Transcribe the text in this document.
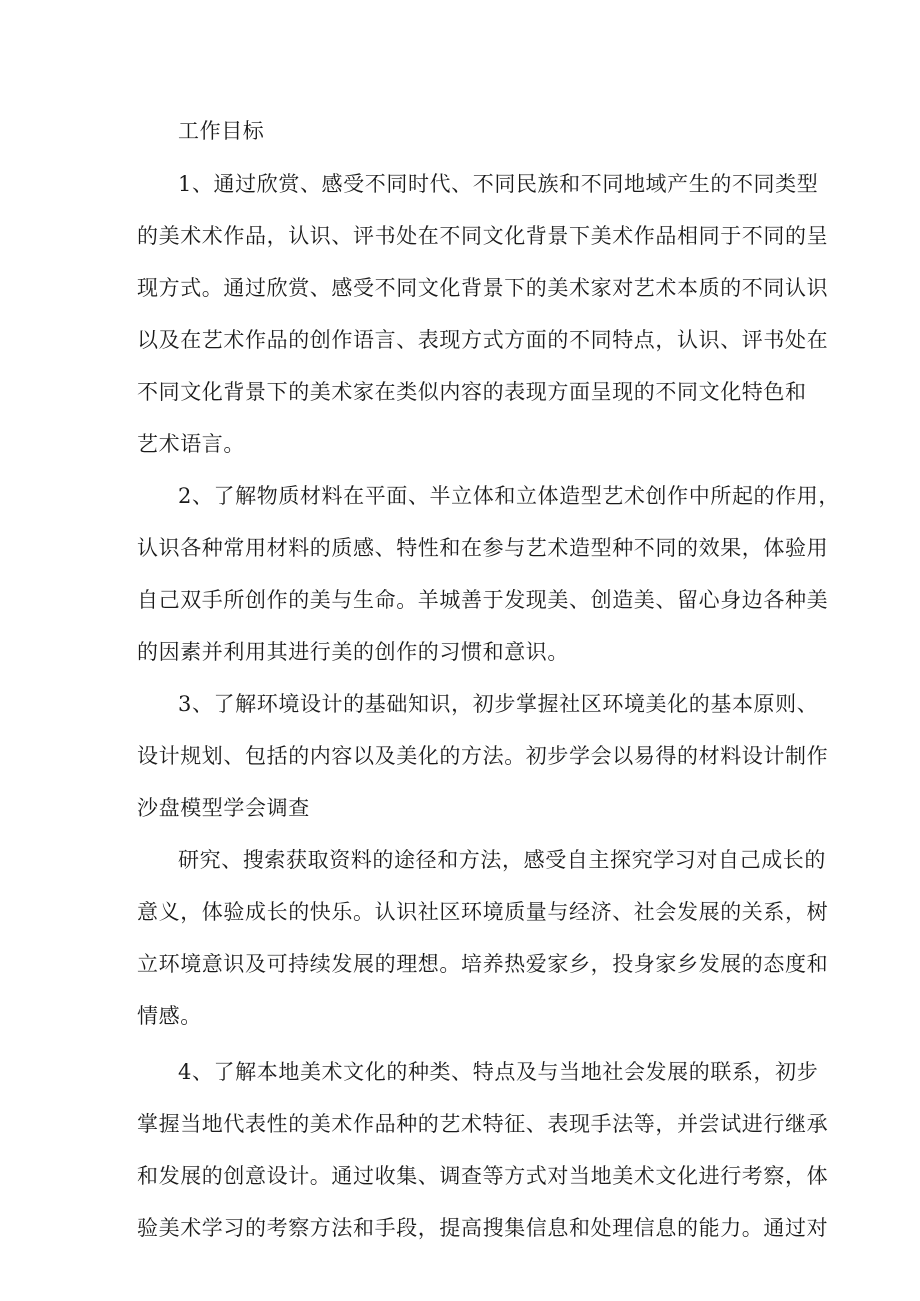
工作目标
1、通过欣赏、感受不同时代、不同民族和不同地域产生的不同类型
的美术术作品，认识、评书处在不同文化背景下美术作品相同于不同的呈
现方式。通过欣赏、感受不同文化背景下的美术家对艺术本质的不同认识
以及在艺术作品的创作语言、表现方式方面的不同特点，认识、评书处在
不同文化背景下的美术家在类似内容的表现方面呈现的不同文化特色和
艺术语言。
2、了解物质材料在平面、半立体和立体造型艺术创作中所起的作用，
认识各种常用材料的质感、特性和在参与艺术造型种不同的效果，体验用
自己双手所创作的美与生命。羊城善于发现美、创造美、留心身边各种美
的因素并利用其进行美的创作的习惯和意识。
3、了解环境设计的基础知识，初步掌握社区环境美化的基本原则、
设计规划、包括的内容以及美化的方法。初步学会以易得的材料设计制作
沙盘模型学会调查
研究、搜索获取资料的途径和方法，感受自主探究学习对自己成长的
意义，体验成长的快乐。认识社区环境质量与经济、社会发展的关系，树
立环境意识及可持续发展的理想。培养热爱家乡，投身家乡发展的态度和
情感。
4、了解本地美术文化的种类、特点及与当地社会发展的联系，初步
掌握当地代表性的美术作品种的艺术特征、表现手法等，并尝试进行继承
和发展的创意设计。通过收集、调查等方式对当地美术文化进行考察，体
验美术学习的考察方法和手段，提高搜集信息和处理信息的能力。通过对
